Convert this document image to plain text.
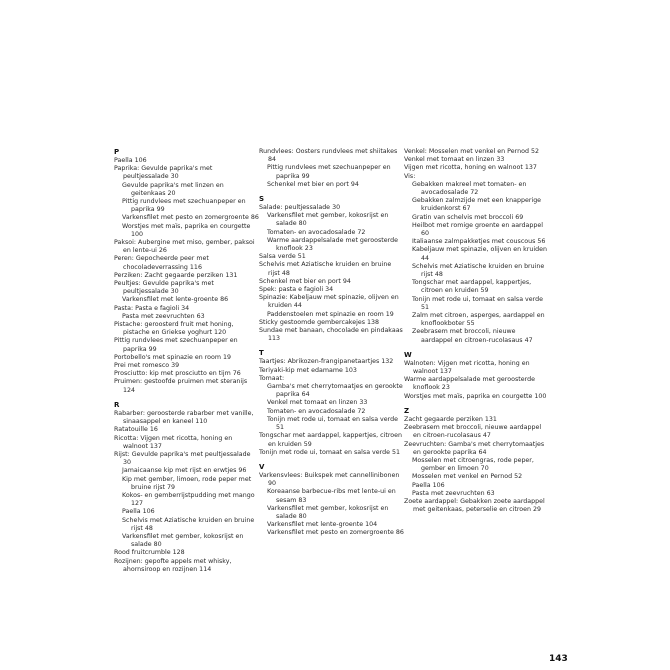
P
Paella 106
Paprika: Gevulde paprika's met peultjessalade 30
Gevulde paprika's met linzen en geitenkaas 20
Pittig rundvlees met szechuanpeper en paprika 99
Varkensfilet met pesto en zomergroente 86
Worstjes met maïs, paprika en courgette 100
Paksoi: Aubergine met miso, gember, paksoi en lente-ui 26
Peren: Gepocheerde peer met chocoladeverrassing 116
Perziken: Zacht gegaarde perziken 131
Peultjes: Gevulde paprika's met peultjessalade 30
Varkensfilet met lente-groente 86
Pasta: Pasta e fagioli 34
Pasta met zeevruchten 63
Pistache: geroosterd fruit met honing, pistache en Griekse yoghurt 120
Pittig rundvlees met szechuanpeper en paprika 99
Portobello's met spinazie en room 19
Prei met romesco 39
Prosciutto: kip met prosciutto en tijm 76
Pruimen: gestoofde pruimen met steranijs 124
R
Rabarber: geroosterde rabarber met vanille, sinaasappel en kaneel 110
Ratatouille 16
Ricotta: Vijgen met ricotta, honing en walnoot 137
Rijst: Gevulde paprika's met peultjessalade 30
Jamaicaanse kip met rijst en erwtjes 96
Kip met gember, limoen, rode peper met bruine rijst 79
Kokos- en gemberrijstpudding met mango 127
Paella 106
Schelvis met Aziatische kruiden en bruine rijst 48
Varkensfilet met gember, kokosrijst en salade 80
Rood fruitcrumble 128
Rozijnen: gepofte appels met whisky, ahornsiroop en rozijnen 114
Rundvlees: Oosters rundvlees met shiitakes 84
Pittig rundvlees met szechuanpeper en paprika 99
Schenkel met bier en port 94
S
Salade: peultjessalade 30
Varkensfilet met gember, kokosrijst en salade 80
Tomaten- en avocadosalade 72
Warme aardappelsalade met geroosterde knoflook 23
Salsa verde 51
Schelvis met Aziatische kruiden en bruine rijst 48
Schenkel met bier en port 94
Spek: pasta e fagioli 34
Spinazie: Kabeljauw met spinazie, olijven en kruiden 44
Paddenstoelen met spinazie en room 19
Sticky gestoomde gembercakejes 138
Sundae met banaan, chocolade en pindakaas 113
T
Taartjes: Abrikozen-frangipanetaartjes 132
Teriyaki-kip met edamame 103
Tomaat:
Gamba's met cherrytomaatjes en gerookte paprika 64
Venkel met tomaat en linzen 33
Tomaten- en avocadosalade 72
Tonijn met rode ui, tomaat en salsa verde 51
Tongschar met aardappel, kappertjes, citroen en kruiden 59
Tonijn met rode ui, tomaat en salsa verde 51
V
Varkensvlees: Buikspek met cannellinibonen 90
Koreaanse barbecue-ribs met lente-ui en sesam 83
Varkensfilet met gember, kokosrijst en salade 80
Varkensfilet met lente-groente 104
Varkensfilet met pesto en zomergroente 86
Venkel: Mosselen met venkel en Pernod 52
Venkel met tomaat en linzen 33
Vijgen met ricotta, honing en walnoot 137
Vis:
Gebakken makreel met tomaten- en avocadosalade 72
Gebakken zalmzijde met een knapperige kruidenkorst 67
Gratin van schelvis met broccoli 69
Heilbot met romige groente en aardappel 60
Italiaanse zalmpakketjes met couscous 56
Kabeljauw met spinazie, olijven en kruiden 44
Schelvis met Aziatische kruiden en bruine rijst 48
Tongschar met aardappel, kappertjes, citroen en kruiden 59
Tonijn met rode ui, tomaat en salsa verde 51
Zalm met citroen, asperges, aardappel en knoflookboter 55
Zeebrasem met broccoli, nieuwe aardappel en citroen-rucolasaus 47
W
Walnoten: Vijgen met ricotta, honing en walnoot 137
Warme aardappelsalade met geroosterde knoflook 23
Worstjes met maïs, paprika en courgette 100
Z
Zacht gegaarde perziken 131
Zeebrasem met broccoli, nieuwe aardappel en citroen-rucolasaus 47
Zeevruchten: Gamba's met cherrytomaatjes en gerookte paprika 64
Mosselen met citroengras, rode peper, gember en limoen 70
Mosselen met venkel en Pernod 52
Paella 106
Pasta met zeevruchten 63
Zoete aardappel: Gebakken zoete aardappel met geitenkaas, peterselie en citroen 29
143
